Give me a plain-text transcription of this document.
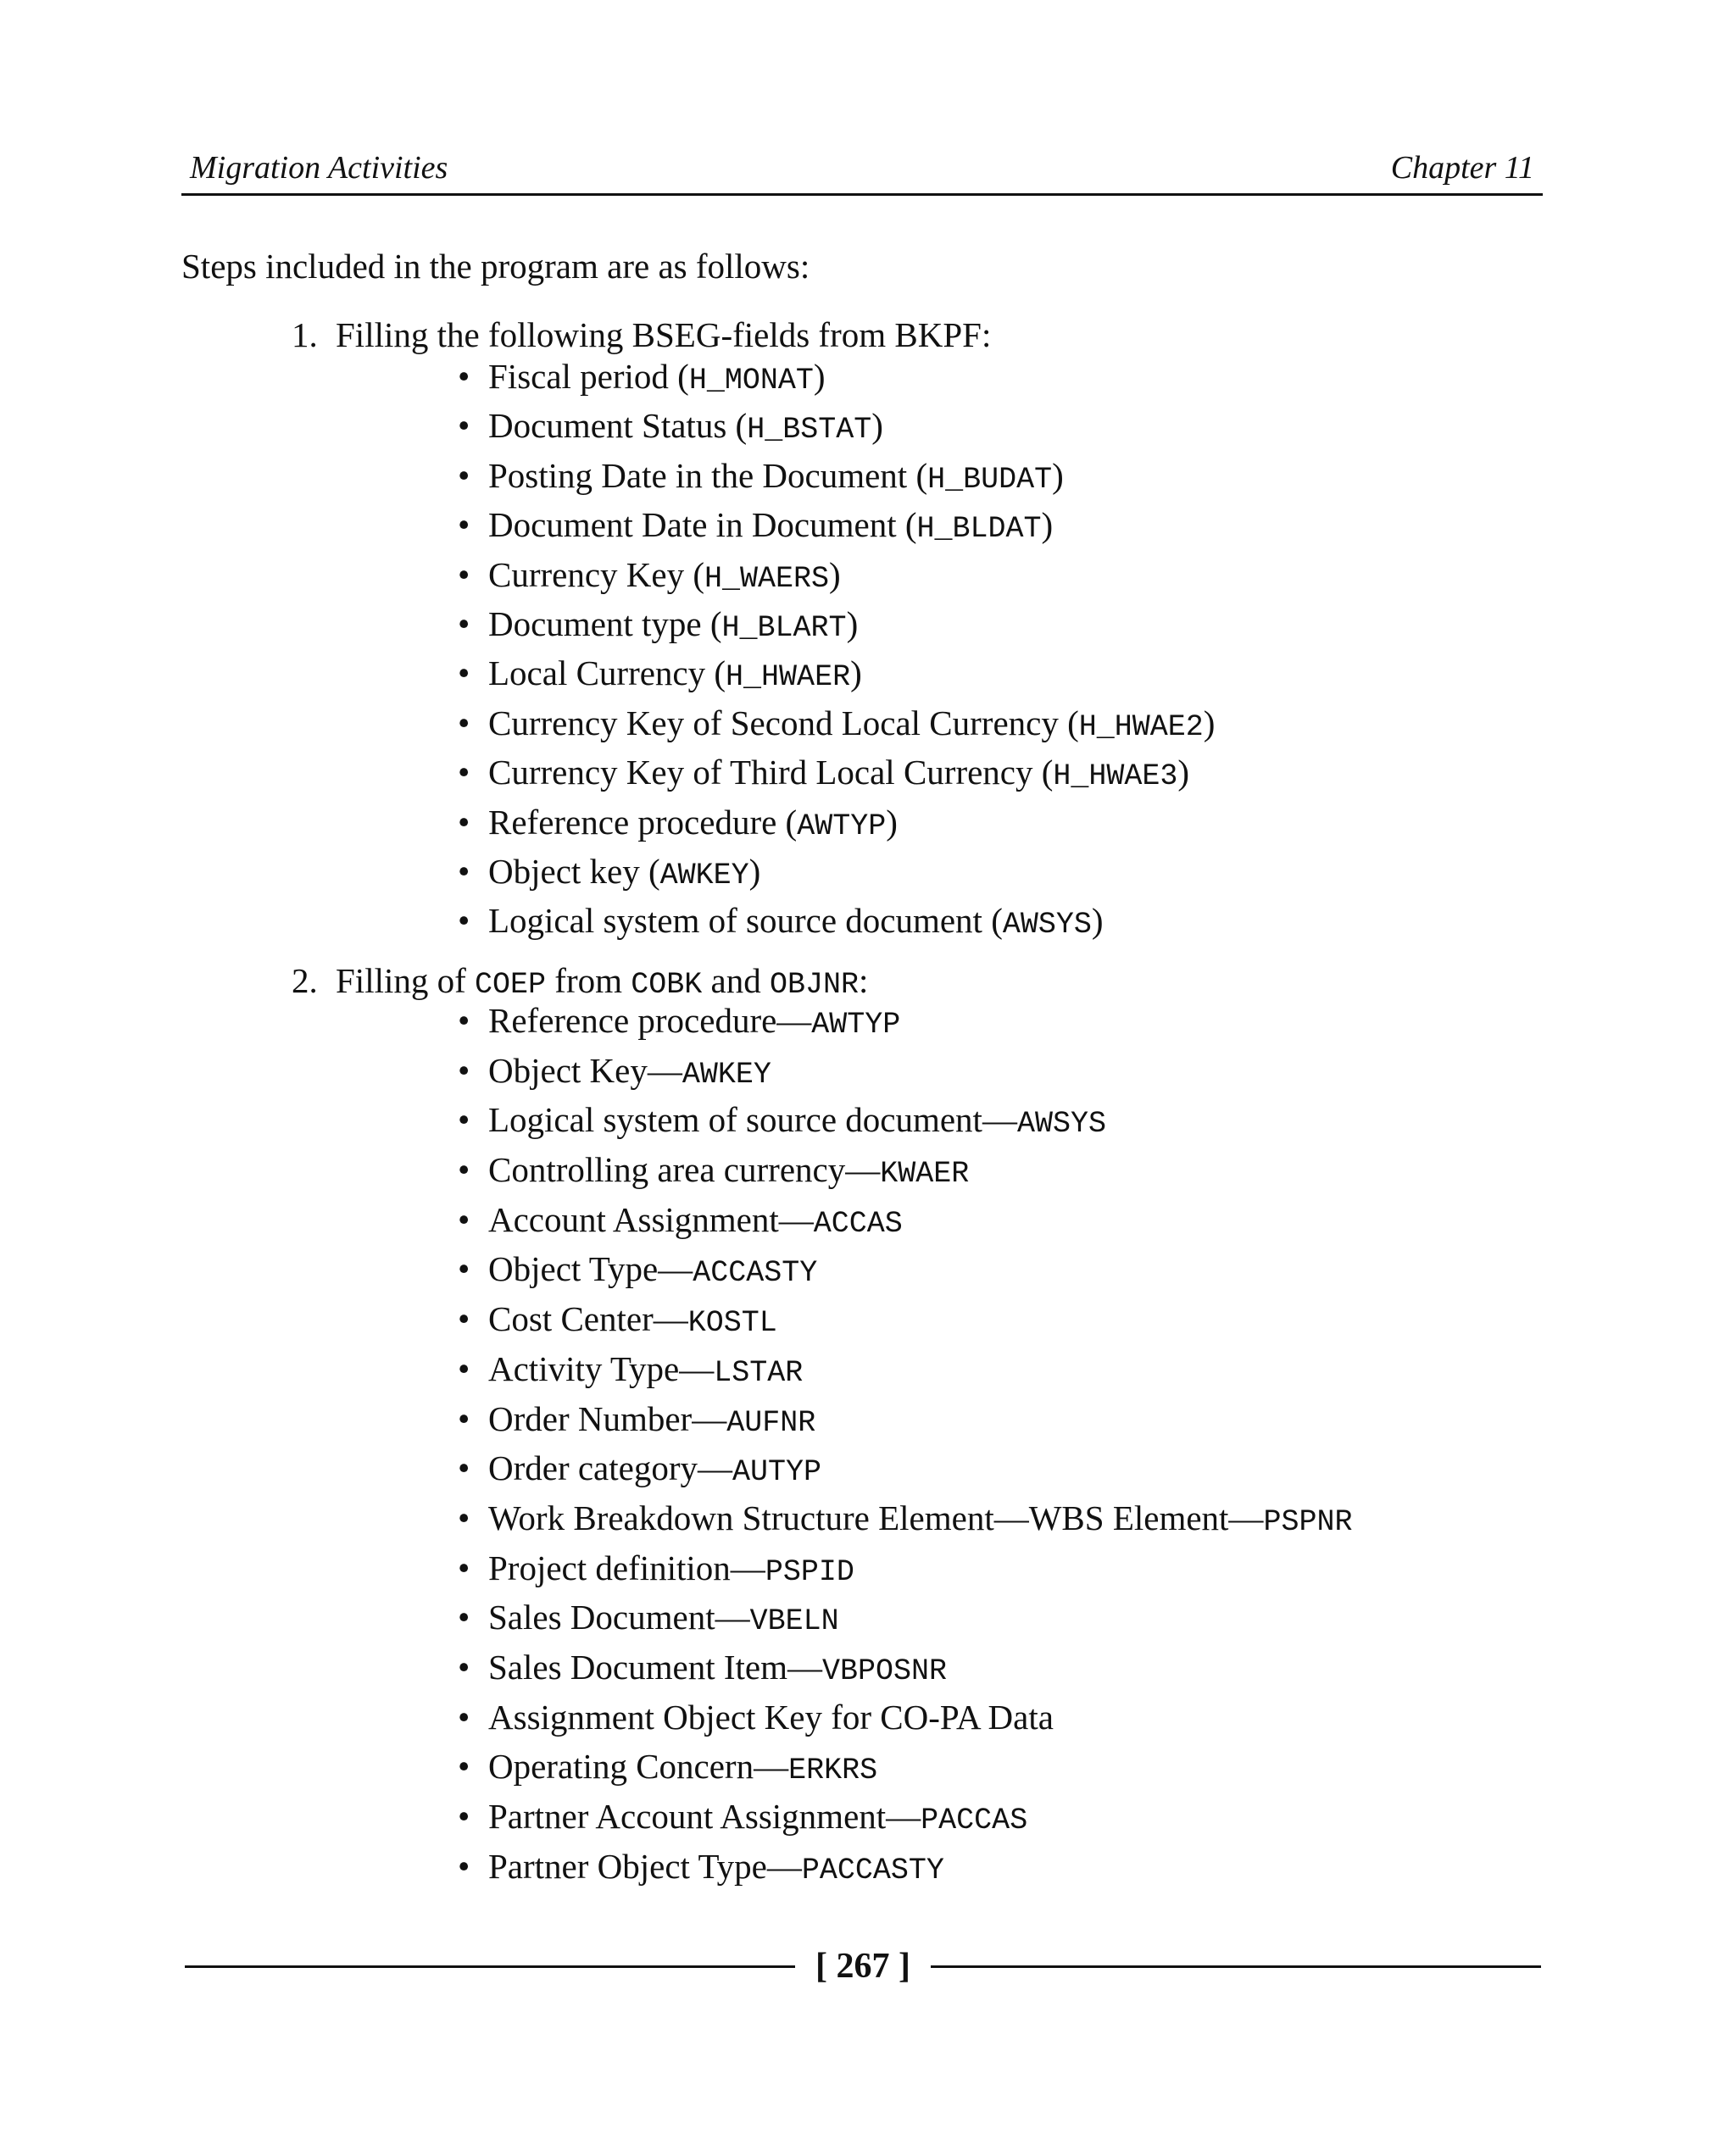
Migration Activities	Chapter 11

Steps included in the program are as follows:

1. Filling the following BSEG-fields from BKPF:

• Fiscal period (H_MONAT)
• Document Status (H_BSTAT)
• Posting Date in the Document (H_BUDAT)
• Document Date in Document (H_BLDAT)
• Currency Key (H_WAERS)
• Document type (H_BLART)
• Local Currency (H_HWAER)
• Currency Key of Second Local Currency (H_HWAE2)
• Currency Key of Third Local Currency (H_HWAE3)
• Reference procedure (AWTYP)
• Object key (AWKEY)
• Logical system of source document (AWSYS)

2. Filling of COEP from COBK and OBJNR:

• Reference procedure—AWTYP
• Object Key—AWKEY
• Logical system of source document—AWSYS
• Controlling area currency—KWAER
• Account Assignment—ACCAS
• Object Type—ACCASTY
• Cost Center—KOSTL
• Activity Type—LSTAR
• Order Number—AUFNR
• Order category—AUTYP
• Work Breakdown Structure Element—WBS Element—PSPNR
• Project definition—PSPID
• Sales Document—VBELN
• Sales Document Item—VBPOSNR
• Assignment Object Key for CO-PA Data
• Operating Concern—ERKRS
• Partner Account Assignment—PACCAS
• Partner Object Type—PACCASTY
[ 267 ]
